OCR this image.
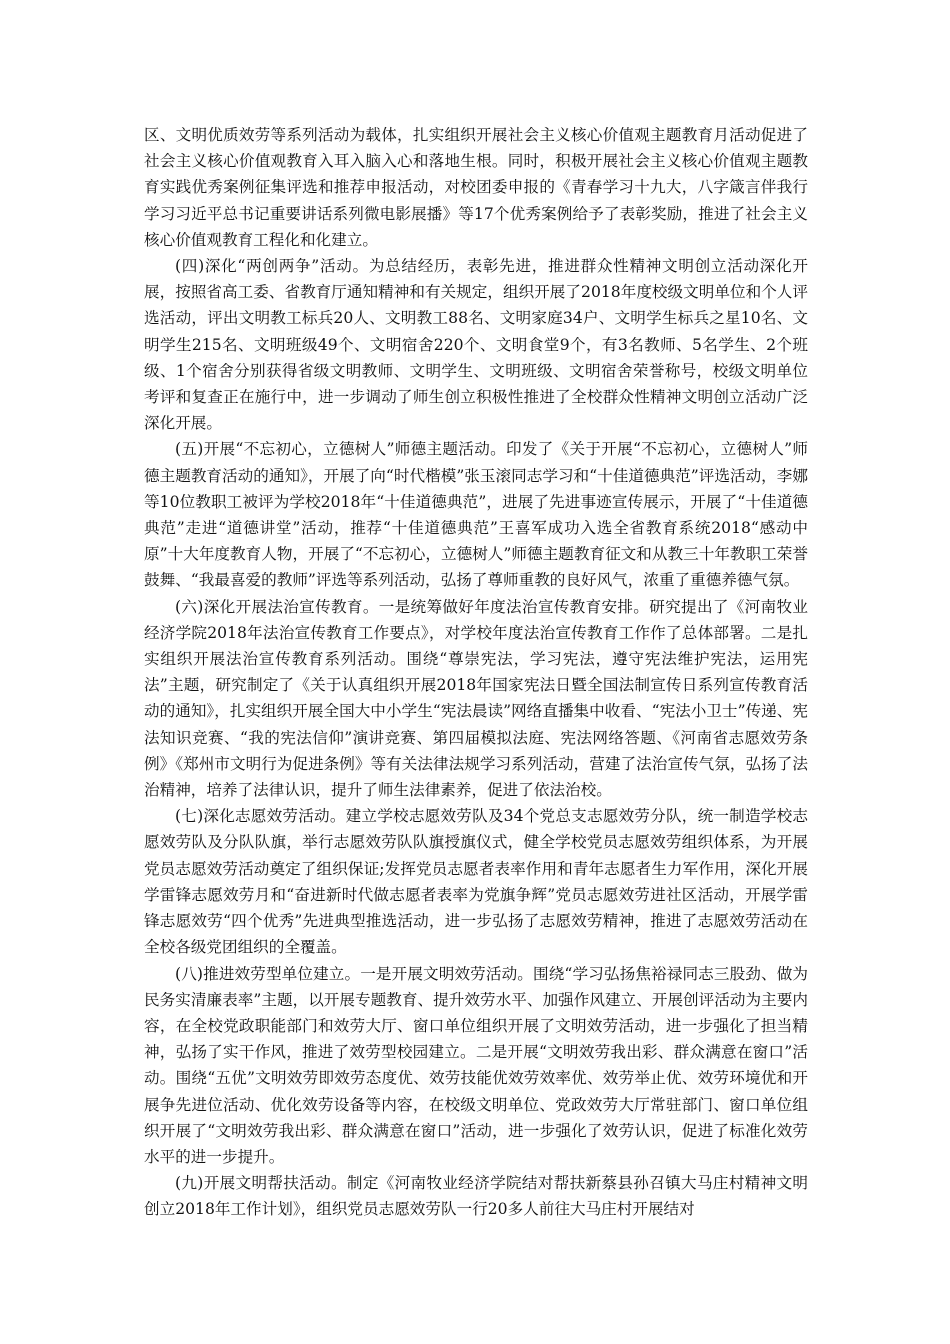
区、文明优质效劳等系列活动为载体，扎实组织开展社会主义核心价值观主题教育月活动促进了社会主义核心价值观教育入耳入脑入心和落地生根。同时，积极开展社会主义核心价值观主题教育实践优秀案例征集评选和推荐申报活动，对校团委申报的《青春学习十九大，八字箴言伴我行学习习近平总书记重要讲话系列微电影展播》等17个优秀案例给予了表彰奖励，推进了社会主义核心价值观教育工程化和化建立。

(四)深化“两创两争”活动。为总结经历，表彰先进，推进群众性精神文明创立活动深化开展，按照省高工委、省教育厅通知精神和有关规定，组织开展了2018年度校级文明单位和个人评选活动，评出文明教工标兵20人、文明教工88名、文明家庭34户、文明学生标兵之星10名、文明学生215名、文明班级49个、文明宿舍220个、文明食堂9个，有3名教师、5名学生、2个班级、1个宿舍分别获得省级文明教师、文明学生、文明班级、文明宿舍荣誉称号，校级文明单位考评和复查正在施行中，进一步调动了师生创立积极性推进了全校群众性精神文明创立活动广泛深化开展。

(五)开展“不忘初心，立德树人”师德主题活动。印发了《关于开展“不忘初心，立德树人”师德主题教育活动的通知》，开展了向“时代楷模”张玉滚同志学习和“十佳道德典范”评选活动，李娜等10位教职工被评为学校2018年“十佳道德典范”，进展了先进事迹宣传展示，开展了“十佳道德典范”走进“道德讲堂”活动，推荐“十佳道德典范”王喜军成功入选全省教育系统2018“感动中原”十大年度教育人物，开展了“不忘初心，立德树人”师德主题教育征文和从教三十年教职工荣誉鼓舞、“我最喜爱的教师”评选等系列活动，弘扬了尊师重教的良好风气，浓重了重德养德气氛。

(六)深化开展法治宣传教育。一是统筹做好年度法治宣传教育安排。研究提出了《河南牧业经济学院2018年法治宣传教育工作要点》，对学校年度法治宣传教育工作作了总体部署。二是扎实组织开展法治宣传教育系列活动。围绕“尊崇宪法，学习宪法，遵守宪法维护宪法，运用宪法”主题，研究制定了《关于认真组织开展2018年国家宪法日暨全国法制宣传日系列宣传教育活动的通知》，扎实组织开展全国大中小学生“宪法晨读”网络直播集中收看、“宪法小卫士”传递、宪法知识竞赛、“我的宪法信仰”演讲竞赛、第四届模拟法庭、宪法网络答题、《河南省志愿效劳条例》《郑州市文明行为促进条例》等有关法律法规学习系列活动，营建了法治宣传气氛，弘扬了法治精神，培养了法律认识，提升了师生法律素养，促进了依法治校。

(七)深化志愿效劳活动。建立学校志愿效劳队及34个党总支志愿效劳分队，统一制造学校志愿效劳队及分队队旗，举行志愿效劳队队旗授旗仪式，健全学校党员志愿效劳组织体系，为开展党员志愿效劳活动奠定了组织保证;发挥党员志愿者表率作用和青年志愿者生力军作用，深化开展学雷锋志愿效劳月和“奋进新时代做志愿者表率为党旗争辉”党员志愿效劳进社区活动，开展学雷锋志愿效劳“四个优秀”先进典型推选活动，进一步弘扬了志愿效劳精神，推进了志愿效劳活动在全校各级党团组织的全覆盖。

(八)推进效劳型单位建立。一是开展文明效劳活动。围绕“学习弘扬焦裕禄同志三股劲、做为民务实清廉表率”主题，以开展专题教育、提升效劳水平、加强作风建立、开展创评活动为主要内容，在全校党政职能部门和效劳大厅、窗口单位组织开展了文明效劳活动，进一步强化了担当精神，弘扬了实干作风，推进了效劳型校园建立。二是开展“文明效劳我出彩、群众满意在窗口”活动。围绕“五优”文明效劳即效劳态度优、效劳技能优效劳效率优、效劳举止优、效劳环境优和开展争先进位活动、优化效劳设备等内容，在校级文明单位、党政效劳大厅常驻部门、窗口单位组织开展了“文明效劳我出彩、群众满意在窗口”活动，进一步强化了效劳认识，促进了标准化效劳水平的进一步提升。

(九)开展文明帮扶活动。制定《河南牧业经济学院结对帮扶新蔡县孙召镇大马庄村精神文明创立2018年工作计划》，组织党员志愿效劳队一行20多人前往大马庄村开展结对
